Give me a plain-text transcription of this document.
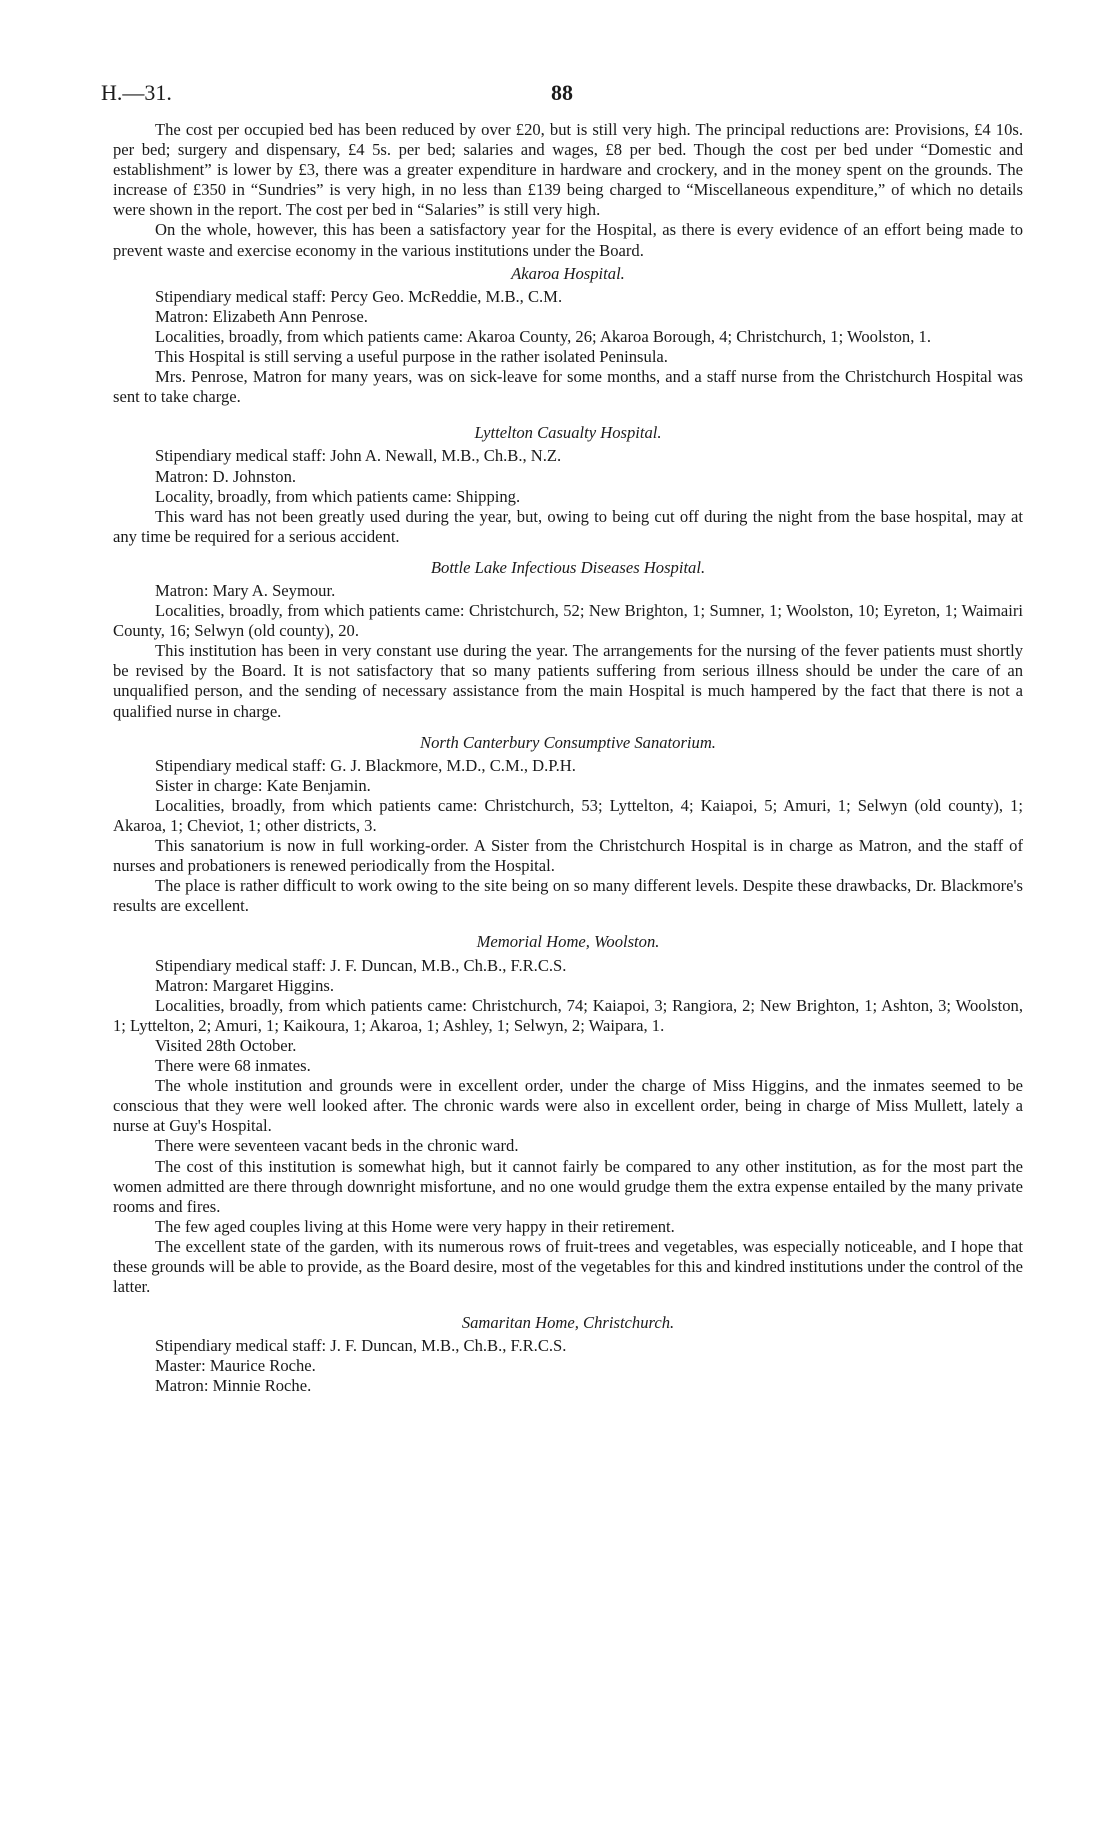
H.—31.	88

The cost per occupied bed has been reduced by over £20, but is still very high. The principal reductions are: Provisions, £4 10s. per bed; surgery and dispensary, £4 5s. per bed; salaries and wages, £8 per bed. Though the cost per bed under “Domestic and establishment” is lower by £3, there was a greater expenditure in hardware and crockery, and in the money spent on the grounds. The increase of £350 in “Sundries” is very high, in no less than £139 being charged to “Miscellaneous expenditure,” of which no details were shown in the report. The cost per bed in “Salaries” is still very high.

On the whole, however, this has been a satisfactory year for the Hospital, as there is every evidence of an effort being made to prevent waste and exercise economy in the various institutions under the Board.

Akaroa Hospital.

Stipendiary medical staff: Percy Geo. McReddie, M.B., C.M.

Matron: Elizabeth Ann Penrose.

Localities, broadly, from which patients came: Akaroa County, 26; Akaroa Borough, 4; Christchurch, 1; Woolston, 1.

This Hospital is still serving a useful purpose in the rather isolated Peninsula.

Mrs. Penrose, Matron for many years, was on sick-leave for some months, and a staff nurse from the Christchurch Hospital was sent to take charge.

Lyttelton Casualty Hospital.

Stipendiary medical staff: John A. Newall, M.B., Ch.B., N.Z.

Matron: D. Johnston.

Locality, broadly, from which patients came: Shipping.

This ward has not been greatly used during the year, but, owing to being cut off during the night from the base hospital, may at any time be required for a serious accident.

Bottle Lake Infectious Diseases Hospital.

Matron: Mary A. Seymour.

Localities, broadly, from which patients came: Christchurch, 52; New Brighton, 1; Sumner, 1; Woolston, 10; Eyreton, 1; Waimairi County, 16; Selwyn (old county), 20.

This institution has been in very constant use during the year. The arrangements for the nursing of the fever patients must shortly be revised by the Board. It is not satisfactory that so many patients suffering from serious illness should be under the care of an unqualified person, and the sending of necessary assistance from the main Hospital is much hampered by the fact that there is not a qualified nurse in charge.

North Canterbury Consumptive Sanatorium.

Stipendiary medical staff: G. J. Blackmore, M.D., C.M., D.P.H.

Sister in charge: Kate Benjamin.

Localities, broadly, from which patients came: Christchurch, 53; Lyttelton, 4; Kaiapoi, 5; Amuri, 1; Selwyn (old county), 1; Akaroa, 1; Cheviot, 1; other districts, 3.

This sanatorium is now in full working-order. A Sister from the Christchurch Hospital is in charge as Matron, and the staff of nurses and probationers is renewed periodically from the Hospital.

The place is rather difficult to work owing to the site being on so many different levels. Despite these drawbacks, Dr. Blackmore's results are excellent.

Memorial Home, Woolston.

Stipendiary medical staff: J. F. Duncan, M.B., Ch.B., F.R.C.S.

Matron: Margaret Higgins.

Localities, broadly, from which patients came: Christchurch, 74; Kaiapoi, 3; Rangiora, 2; New Brighton, 1; Ashton, 3; Woolston, 1; Lyttelton, 2; Amuri, 1; Kaikoura, 1; Akaroa, 1; Ashley, 1; Selwyn, 2; Waipara, 1.

Visited 28th October.

There were 68 inmates.

The whole institution and grounds were in excellent order, under the charge of Miss Higgins, and the inmates seemed to be conscious that they were well looked after. The chronic wards were also in excellent order, being in charge of Miss Mullett, lately a nurse at Guy's Hospital.

There were seventeen vacant beds in the chronic ward.

The cost of this institution is somewhat high, but it cannot fairly be compared to any other institution, as for the most part the women admitted are there through downright misfortune, and no one would grudge them the extra expense entailed by the many private rooms and fires.

The few aged couples living at this Home were very happy in their retirement.

The excellent state of the garden, with its numerous rows of fruit-trees and vegetables, was especially noticeable, and I hope that these grounds will be able to provide, as the Board desire, most of the vegetables for this and kindred institutions under the control of the latter.

Samaritan Home, Christchurch.

Stipendiary medical staff: J. F. Duncan, M.B., Ch.B., F.R.C.S.

Master: Maurice Roche.

Matron: Minnie Roche.
